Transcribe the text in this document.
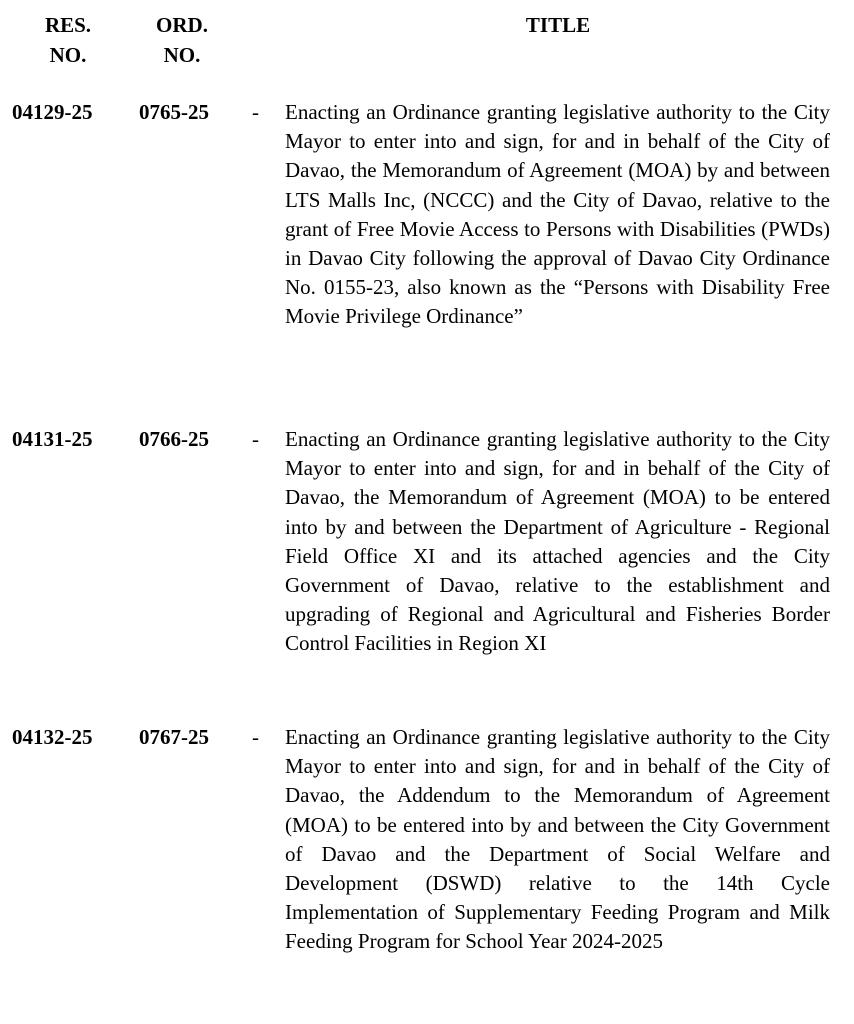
RES.
NO.
ORD.
NO.
TITLE
04129-25 0765-25 - Enacting an Ordinance granting legislative authority to the City Mayor to enter into and sign, for and in behalf of the City of Davao, the Memorandum of Agreement (MOA) by and between LTS Malls Inc, (NCCC) and the City of Davao, relative to the grant of Free Movie Access to Persons with Disabilities (PWDs) in Davao City following the approval of Davao City Ordinance No. 0155-23, also known as the “Persons with Disability Free Movie Privilege Ordinance”
04131-25 0766-25 - Enacting an Ordinance granting legislative authority to the City Mayor to enter into and sign, for and in behalf of the City of Davao, the Memorandum of Agreement (MOA) to be entered into by and between the Department of Agriculture - Regional Field Office XI and its attached agencies and the City Government of Davao, relative to the establishment and upgrading of Regional and Agricultural and Fisheries Border Control Facilities in Region XI
04132-25 0767-25 - Enacting an Ordinance granting legislative authority to the City Mayor to enter into and sign, for and in behalf of the City of Davao, the Addendum to the Memorandum of Agreement (MOA) to be entered into by and between the City Government of Davao and the Department of Social Welfare and Development (DSWD) relative to the 14th Cycle Implementation of Supplementary Feeding Program and Milk Feeding Program for School Year 2024-2025
